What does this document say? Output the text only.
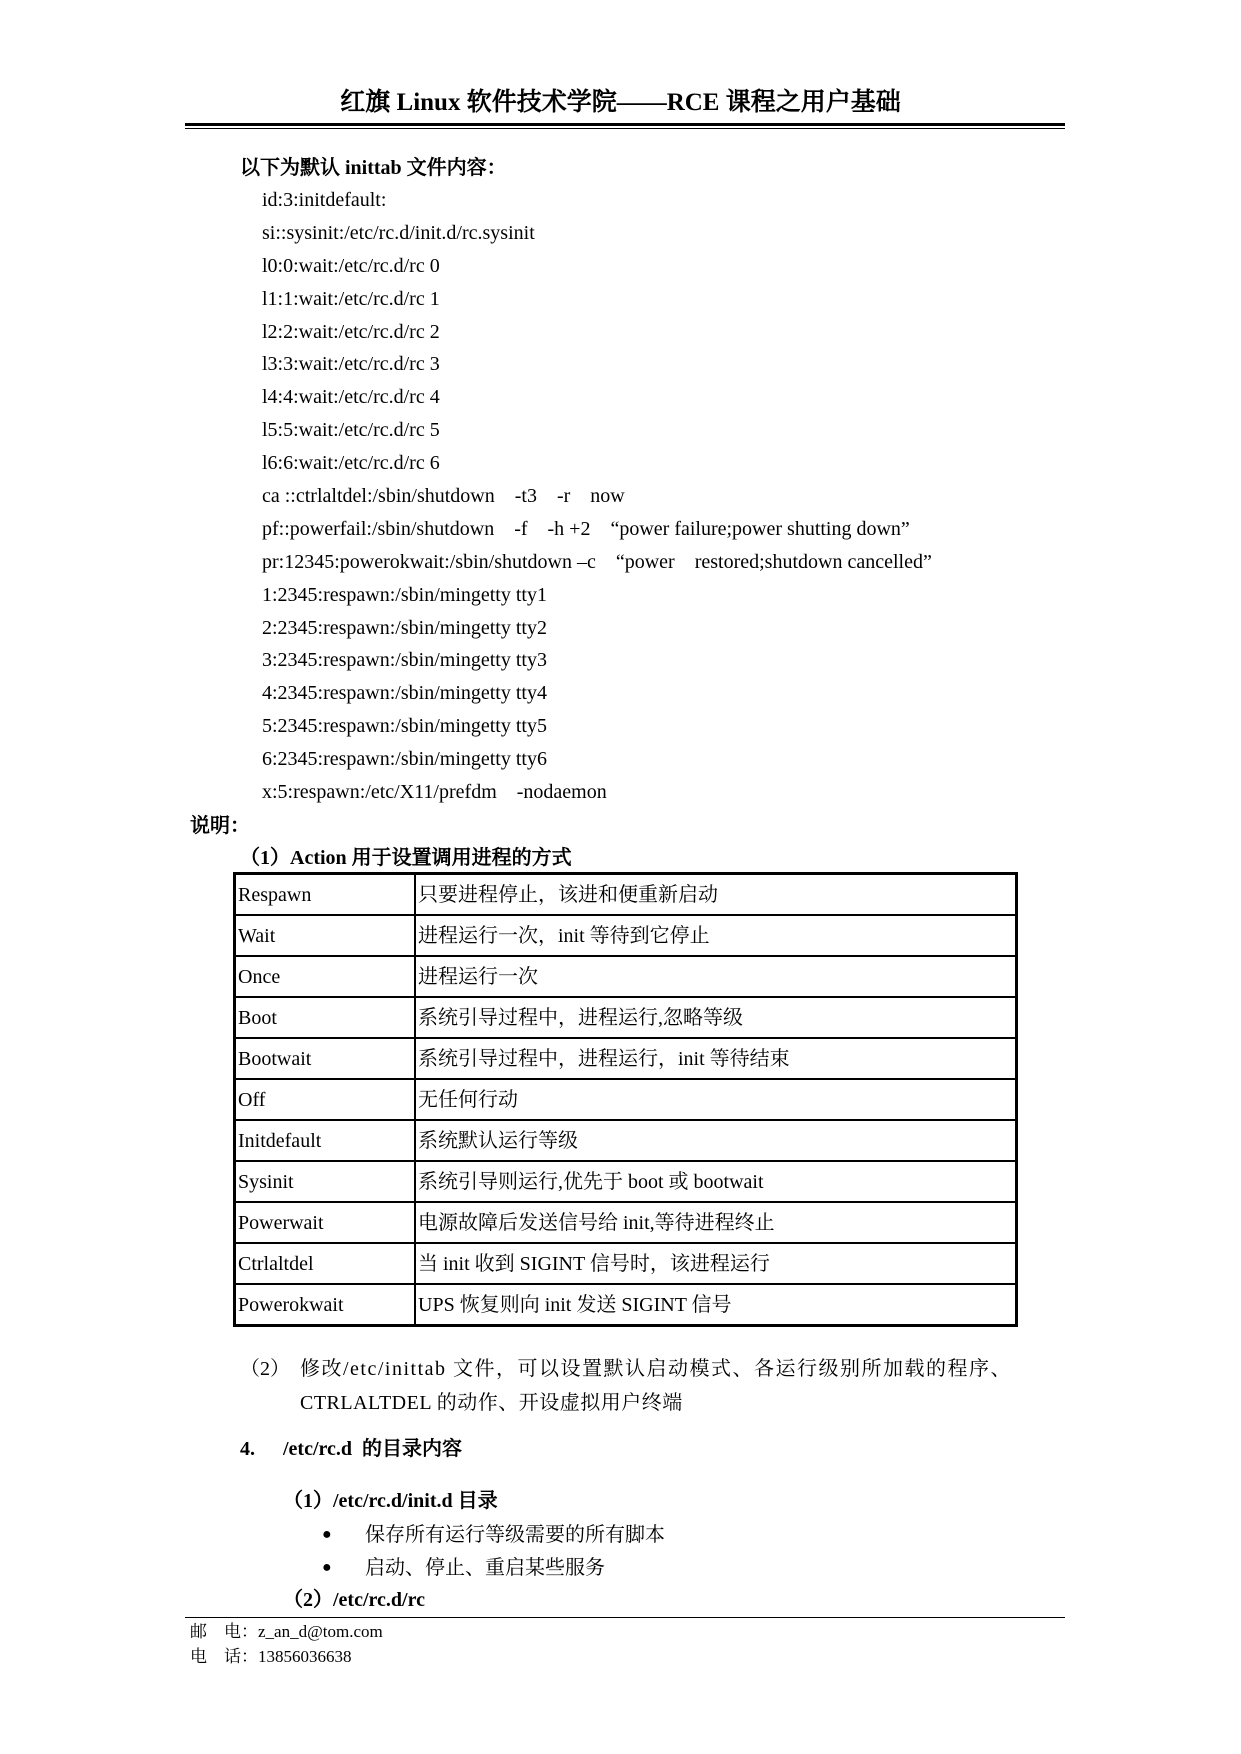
红旗 Linux 软件技术学院——RCE 课程之用户基础
以下为默认 inittab 文件内容：
id:3:initdefault:
si::sysinit:/etc/rc.d/init.d/rc.sysinit
l0:0:wait:/etc/rc.d/rc 0
l1:1:wait:/etc/rc.d/rc 1
l2:2:wait:/etc/rc.d/rc 2
l3:3:wait:/etc/rc.d/rc 3
l4:4:wait:/etc/rc.d/rc 4
l5:5:wait:/etc/rc.d/rc 5
l6:6:wait:/etc/rc.d/rc 6
ca ::ctrlaltdel:/sbin/shutdown    -t3    -r    now
pf::powerfail:/sbin/shutdown    -f    -h +2    “power failure;power shutting down”
pr:12345:powerokwait:/sbin/shutdown –c    “power    restored;shutdown cancelled”
1:2345:respawn:/sbin/mingetty tty1
2:2345:respawn:/sbin/mingetty tty2
3:2345:respawn:/sbin/mingetty tty3
4:2345:respawn:/sbin/mingetty tty4
5:2345:respawn:/sbin/mingetty tty5
6:2345:respawn:/sbin/mingetty tty6
x:5:respawn:/etc/X11/prefdm    -nodaemon
说明：
（1）Action 用于设置调用进程的方式
Respawn	只要进程停止，该进和便重新启动
Wait	进程运行一次，init 等待到它停止
Once	进程运行一次
Boot	系统引导过程中，进程运行,忽略等级
Bootwait	系统引导过程中，进程运行，init 等待结束
Off	无任何行动
Initdefault	系统默认运行等级
Sysinit	系统引导则运行,优先于 boot 或 bootwait
Powerwait	电源故障后发送信号给 init,等待进程终止
Ctrlaltdel	当 init 收到 SIGINT 信号时，该进程运行
Powerokwait	UPS 恢复则向 init 发送 SIGINT 信号
（2） 修改/etc/inittab 文件，可以设置默认启动模式、各运行级别所加载的程序、
CTRLALTDEL 的动作、开设虚拟用户终端
4. /etc/rc.d  的目录内容
（1）/etc/rc.d/init.d 目录
● 保存所有运行等级需要的所有脚本
● 启动、停止、重启某些服务
（2）/etc/rc.d/rc
邮    电：z_an_d@tom.com
电    话：13856036638
